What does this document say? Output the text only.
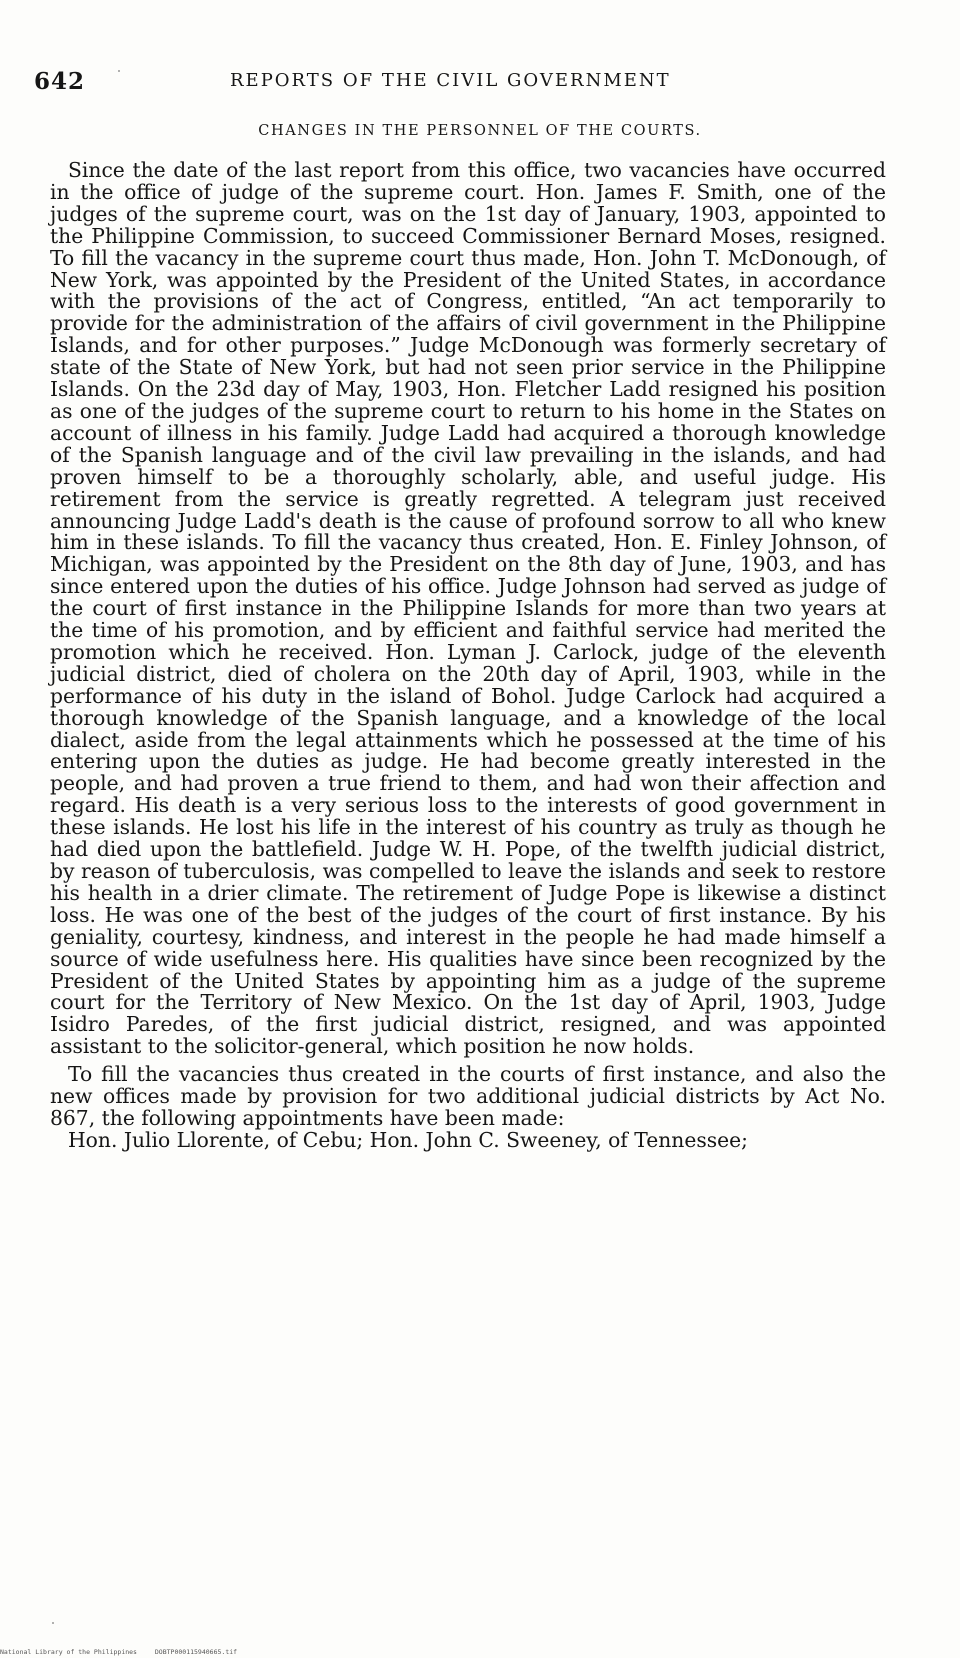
642	REPORTS OF THE CIVIL GOVERNMENT
CHANGES IN THE PERSONNEL OF THE COURTS.

Since the date of the last report from this office, two vacancies have occurred in the office of judge of the supreme court. Hon. James F. Smith, one of the judges of the supreme court, was on the 1st day of January, 1903, appointed to the Philippine Commission, to succeed Commissioner Bernard Moses, resigned. To fill the vacancy in the supreme court thus made, Hon. John T. McDonough, of New York, was appointed by the President of the United States, in accordance with the provisions of the act of Congress, entitled, “An act temporarily to provide for the administration of the affairs of civil government in the Philippine Islands, and for other purposes.” Judge McDonough was formerly secretary of state of the State of New York, but had not seen prior service in the Philippine Islands. On the 23d day of May, 1903, Hon. Fletcher Ladd resigned his position as one of the judges of the supreme court to return to his home in the States on account of illness in his family. Judge Ladd had acquired a thorough knowledge of the Spanish language and of the civil law prevailing in the islands, and had proven himself to be a thoroughly scholarly, able, and useful judge. His retirement from the service is greatly regretted. A telegram just received announcing Judge Ladd's death is the cause of profound sorrow to all who knew him in these islands. To fill the vacancy thus created, Hon. E. Finley Johnson, of Michigan, was appointed by the President on the 8th day of June, 1903, and has since entered upon the duties of his office. Judge Johnson had served as judge of the court of first instance in the Philippine Islands for more than two years at the time of his promotion, and by efficient and faithful service had merited the promotion which he received. Hon. Lyman J. Carlock, judge of the eleventh judicial district, died of cholera on the 20th day of April, 1903, while in the performance of his duty in the island of Bohol. Judge Carlock had acquired a thorough knowledge of the Spanish language, and a knowledge of the local dialect, aside from the legal attainments which he possessed at the time of his entering upon the duties as judge. He had become greatly interested in the people, and had proven a true friend to them, and had won their affection and regard. His death is a very serious loss to the interests of good government in these islands. He lost his life in the interest of his country as truly as though he had died upon the battlefield. Judge W. H. Pope, of the twelfth judicial district, by reason of tuberculosis, was compelled to leave the islands and seek to restore his health in a drier climate. The retirement of Judge Pope is likewise a distinct loss. He was one of the best of the judges of the court of first instance. By his geniality, courtesy, kindness, and interest in the people he had made himself a source of wide usefulness here. His qualities have since been recognized by the President of the United States by appointing him as a judge of the supreme court for the Territory of New Mexico. On the 1st day of April, 1903, Judge Isidro Paredes, of the first judicial district, resigned, and was appointed assistant to the solicitor-general, which position he now holds.

To fill the vacancies thus created in the courts of first instance, and also the new offices made by provision for two additional judicial districts by Act No. 867, the following appointments have been made:

Hon. Julio Llorente, of Cebu; Hon. John C. Sweeney, of Tennessee;
National Library of the Philippines	DOBTP000115940665.tif
